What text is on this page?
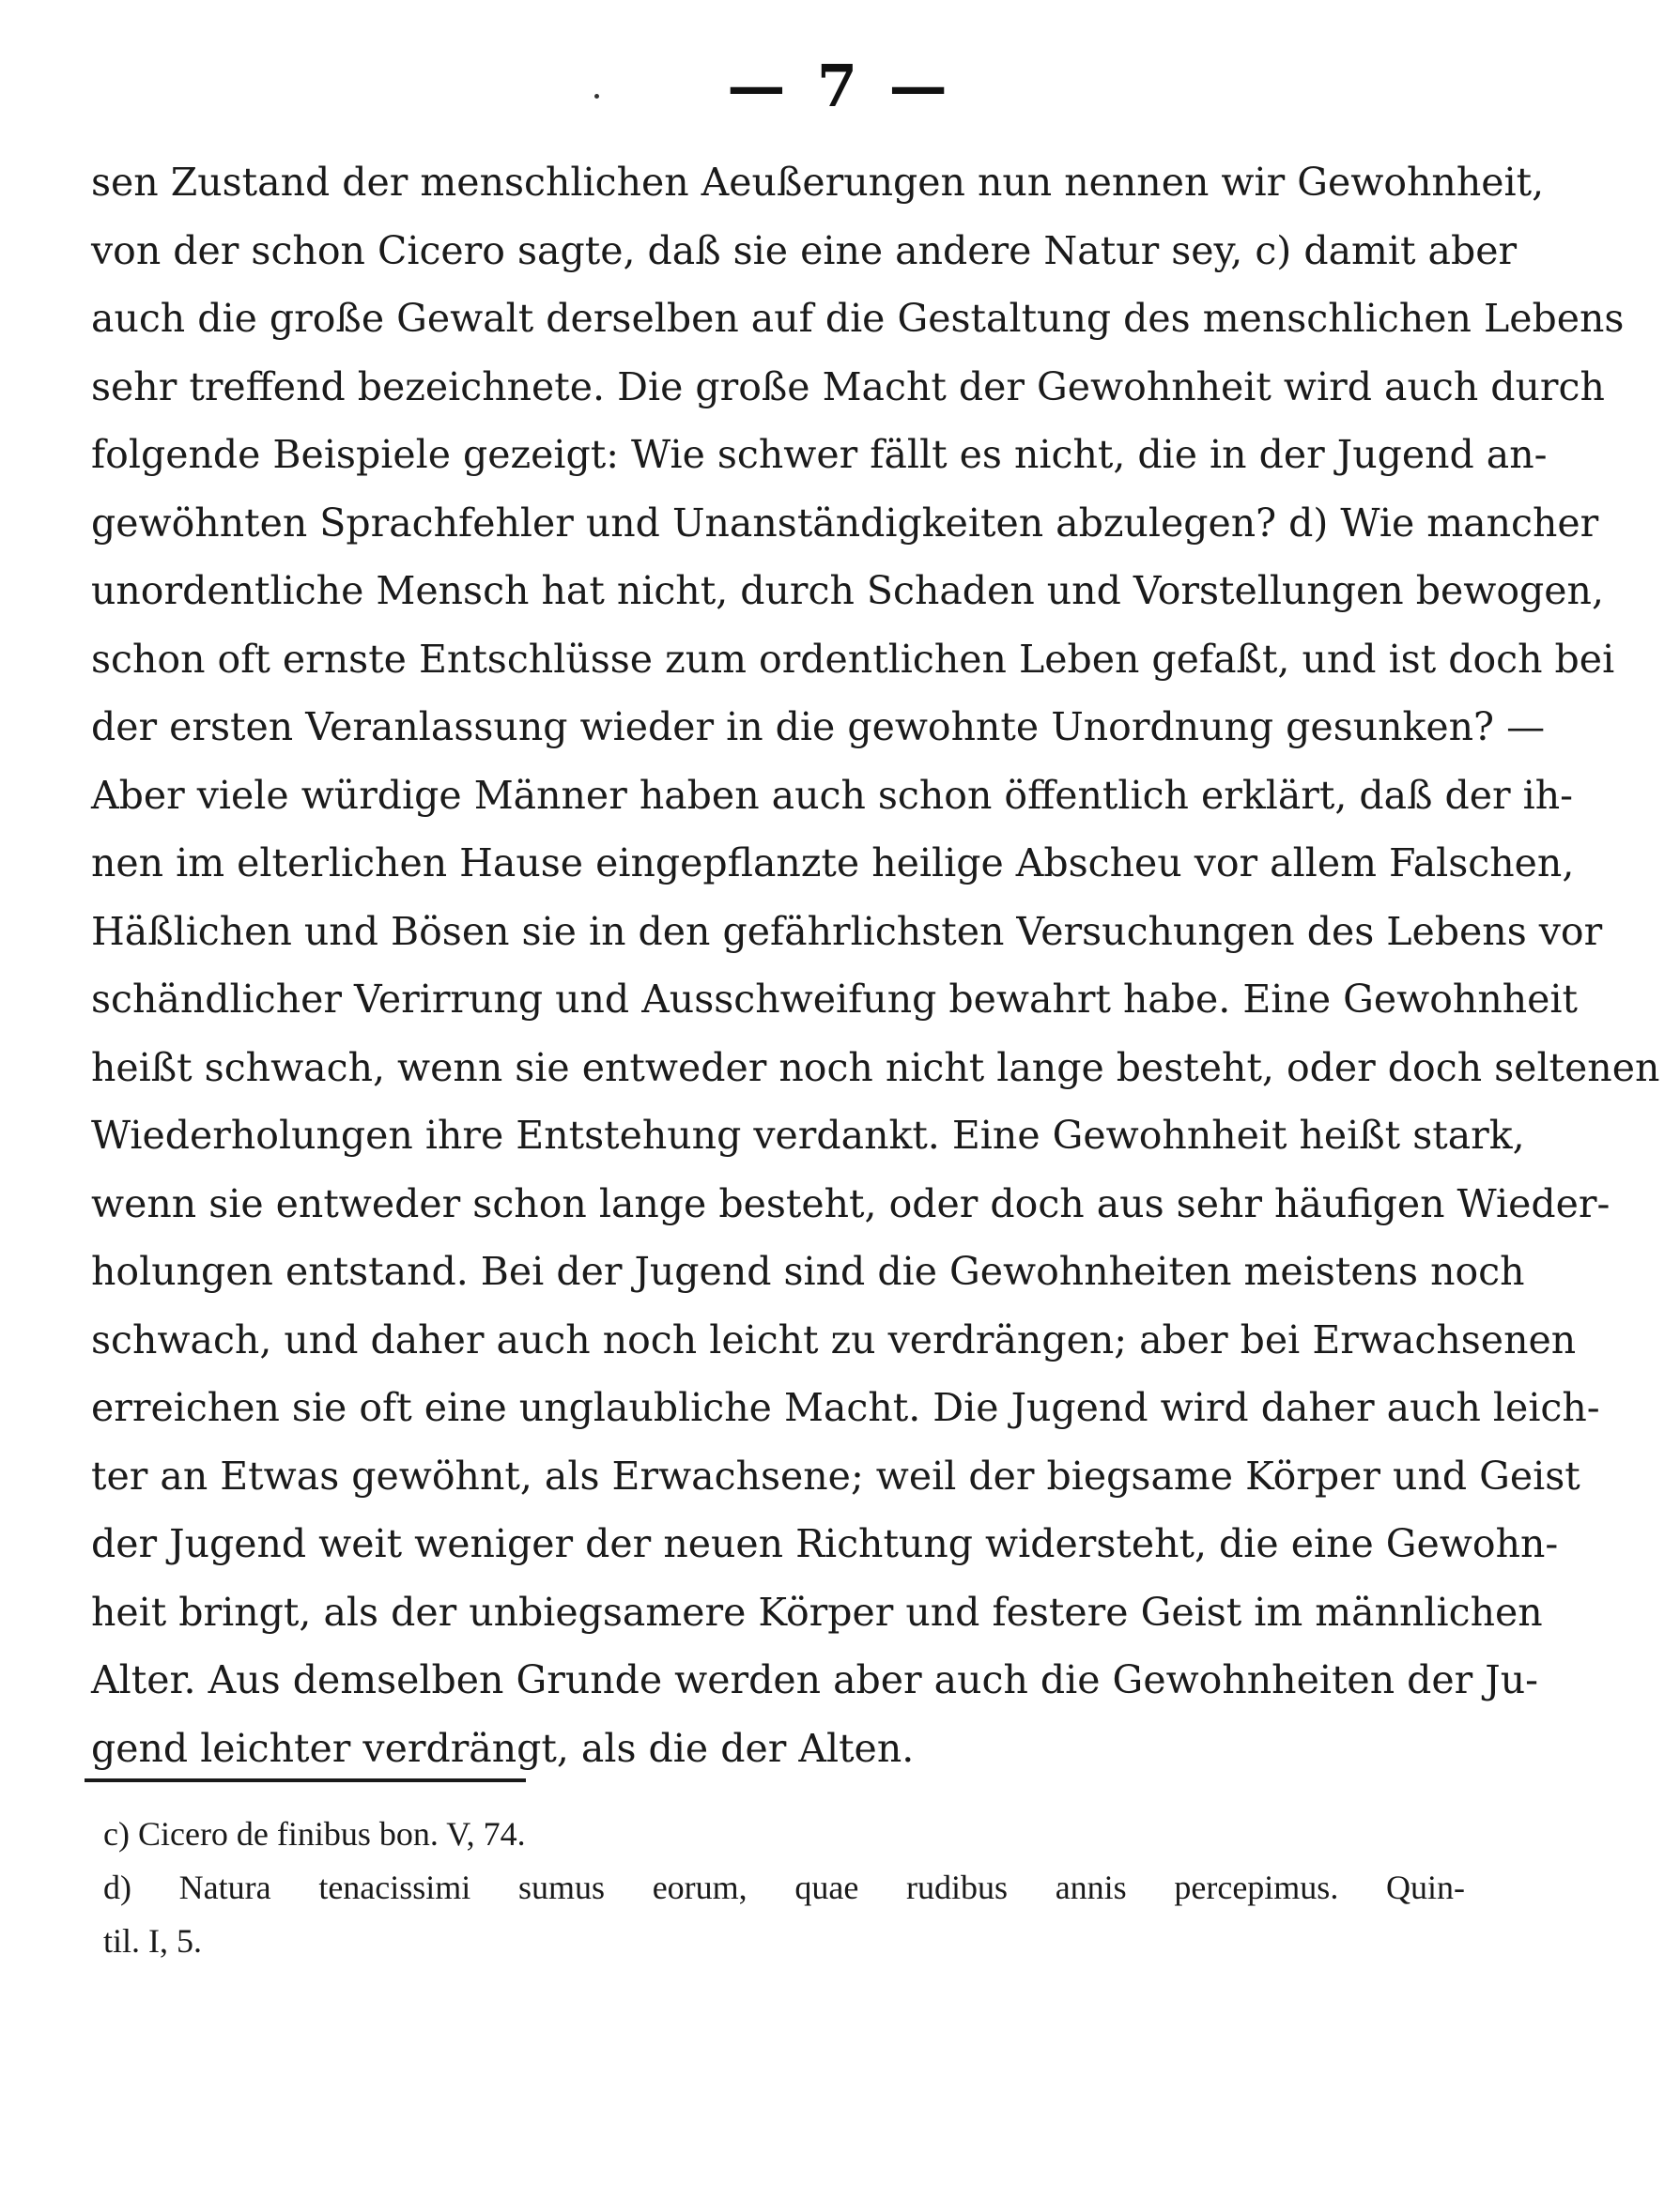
— 7 —
sen Zustand der menschlichen Aeußerungen nun nennen wir Gewohnheit,
von der schon Cicero sagte, daß sie eine andere Natur sey, c) damit aber
auch die große Gewalt derselben auf die Gestaltung des menschlichen Lebens
sehr treffend bezeichnete. Die große Macht der Gewohnheit wird auch durch
folgende Beispiele gezeigt: Wie schwer fällt es nicht, die in der Jugend an-
gewöhnten Sprachfehler und Unanständigkeiten abzulegen? d) Wie mancher
unordentliche Mensch hat nicht, durch Schaden und Vorstellungen bewogen,
schon oft ernste Entschlüsse zum ordentlichen Leben gefaßt, und ist doch bei
der ersten Veranlassung wieder in die gewohnte Unordnung gesunken? —
Aber viele würdige Männer haben auch schon öffentlich erklärt, daß der ih-
nen im elterlichen Hause eingepflanzte heilige Abscheu vor allem Falschen,
Häßlichen und Bösen sie in den gefährlichsten Versuchungen des Lebens vor
schändlicher Verirrung und Ausschweifung bewahrt habe. Eine Gewohnheit
heißt schwach, wenn sie entweder noch nicht lange besteht, oder doch seltenen
Wiederholungen ihre Entstehung verdankt. Eine Gewohnheit heißt stark,
wenn sie entweder schon lange besteht, oder doch aus sehr häufigen Wieder-
holungen entstand. Bei der Jugend sind die Gewohnheiten meistens noch
schwach, und daher auch noch leicht zu verdrängen; aber bei Erwachsenen
erreichen sie oft eine unglaubliche Macht. Die Jugend wird daher auch leich-
ter an Etwas gewöhnt, als Erwachsene; weil der biegsame Körper und Geist
der Jugend weit weniger der neuen Richtung widersteht, die eine Gewohn-
heit bringt, als der unbiegsamere Körper und festere Geist im männlichen
Alter. Aus demselben Grunde werden aber auch die Gewohnheiten der Ju-
gend leichter verdrängt, als die der Alten.
c) Cicero de finibus bon. V, 74.
d) Natura tenacissimi sumus eorum, quae rudibus annis percepimus. Quin-
til. I, 5.
